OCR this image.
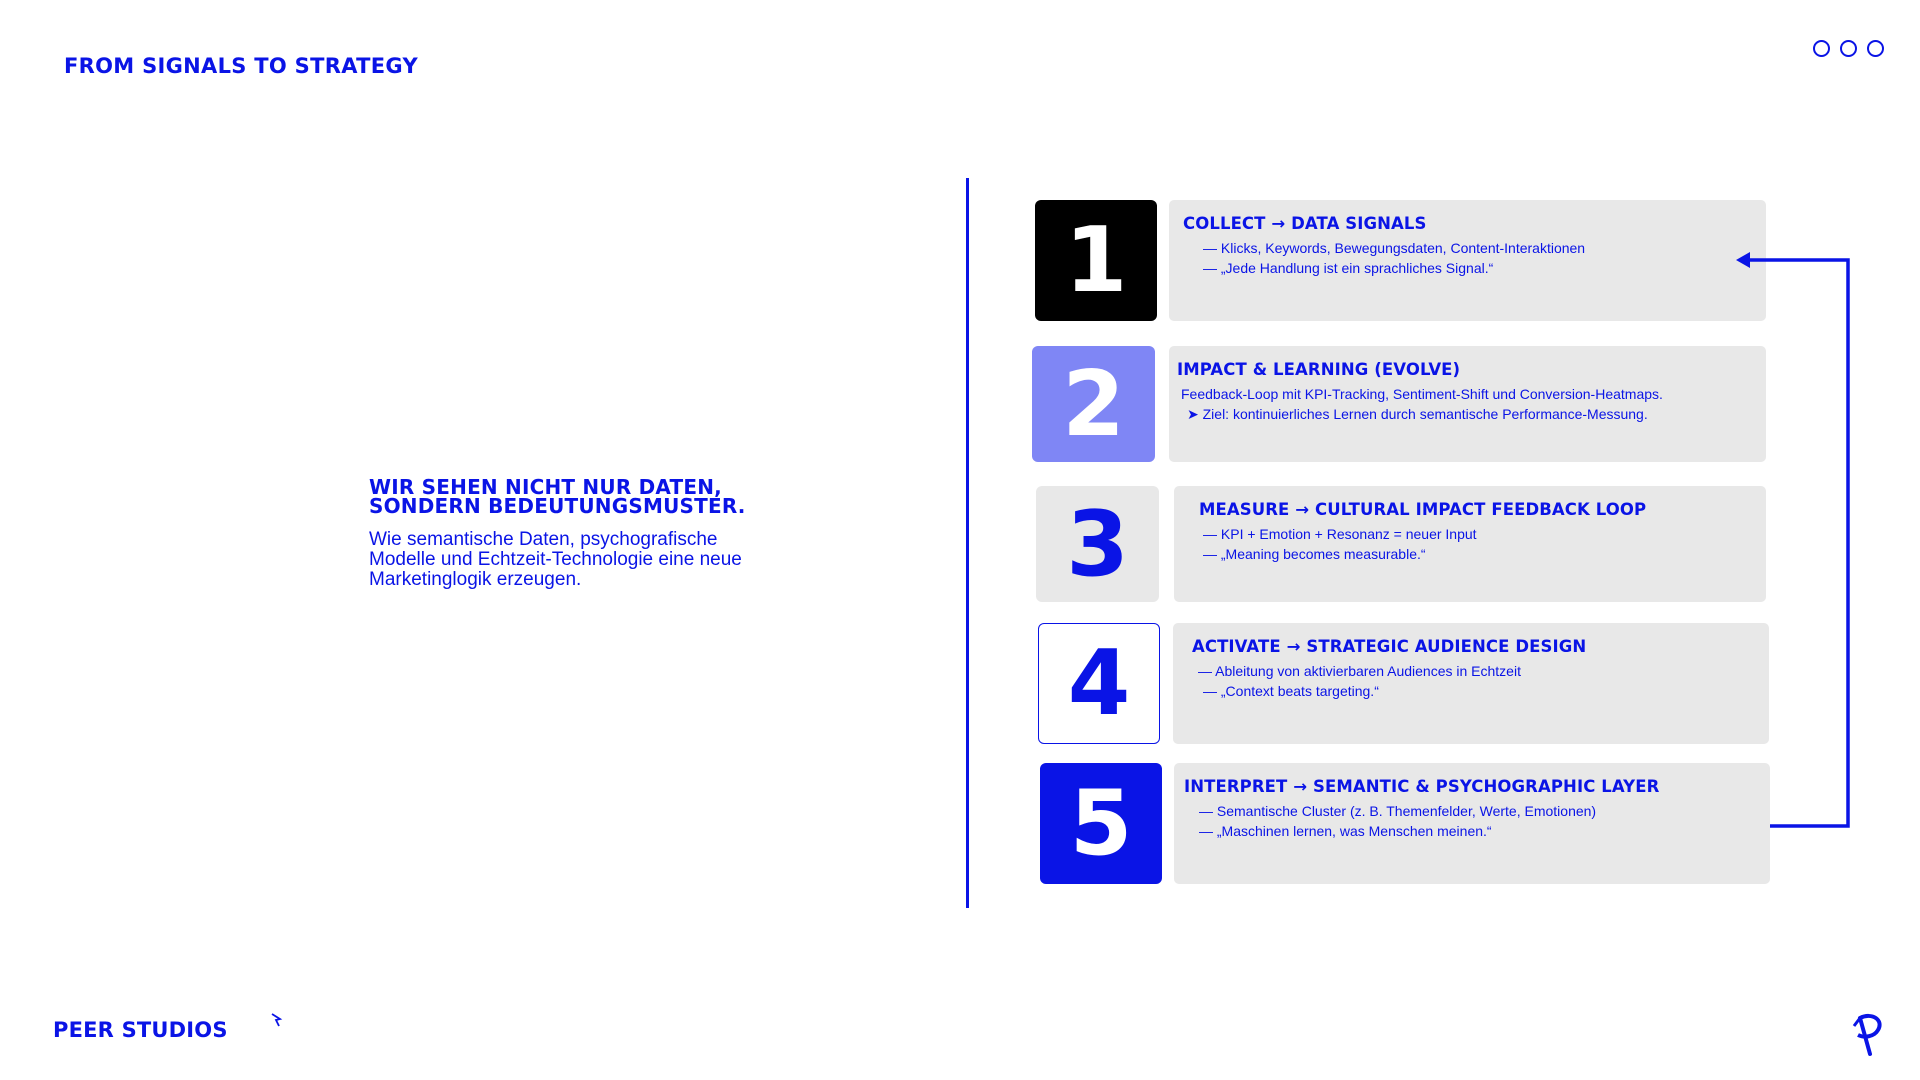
FROM SIGNALS TO STRATEGY

WIR SEHEN NICHT NUR DATEN, SONDERN BEDEUTUNGSMUSTER.

Wie semantische Daten, psychografische Modelle und Echtzeit-Technologie eine neue Marketinglogik erzeugen.

1	COLLECT → DATA SIGNALS

— Klicks, Keywords, Bewegungsdaten, Content-Interaktionen

— „Jede Handlung ist ein sprachliches Signal.“

2	IMPACT & LEARNING (EVOLVE)

Feedback-Loop mit KPI-Tracking, Sentiment-Shift und Conversion-Heatmaps.

➤ Ziel: kontinuierliches Lernen durch semantische Performance-Messung.

3	MEASURE → CULTURAL IMPACT FEEDBACK LOOP

— KPI + Emotion + Resonanz = neuer Input

— „Meaning becomes measurable.“

4	ACTIVATE → STRATEGIC AUDIENCE DESIGN

— Ableitung von aktivierbaren Audiences in Echtzeit

— „Context beats targeting.“

5	INTERPRET → SEMANTIC & PSYCHOGRAPHIC LAYER

— Semantische Cluster (z. B. Themenfelder, Werte, Emotionen)

— „Maschinen lernen, was Menschen meinen.“

PEER STUDIOS
